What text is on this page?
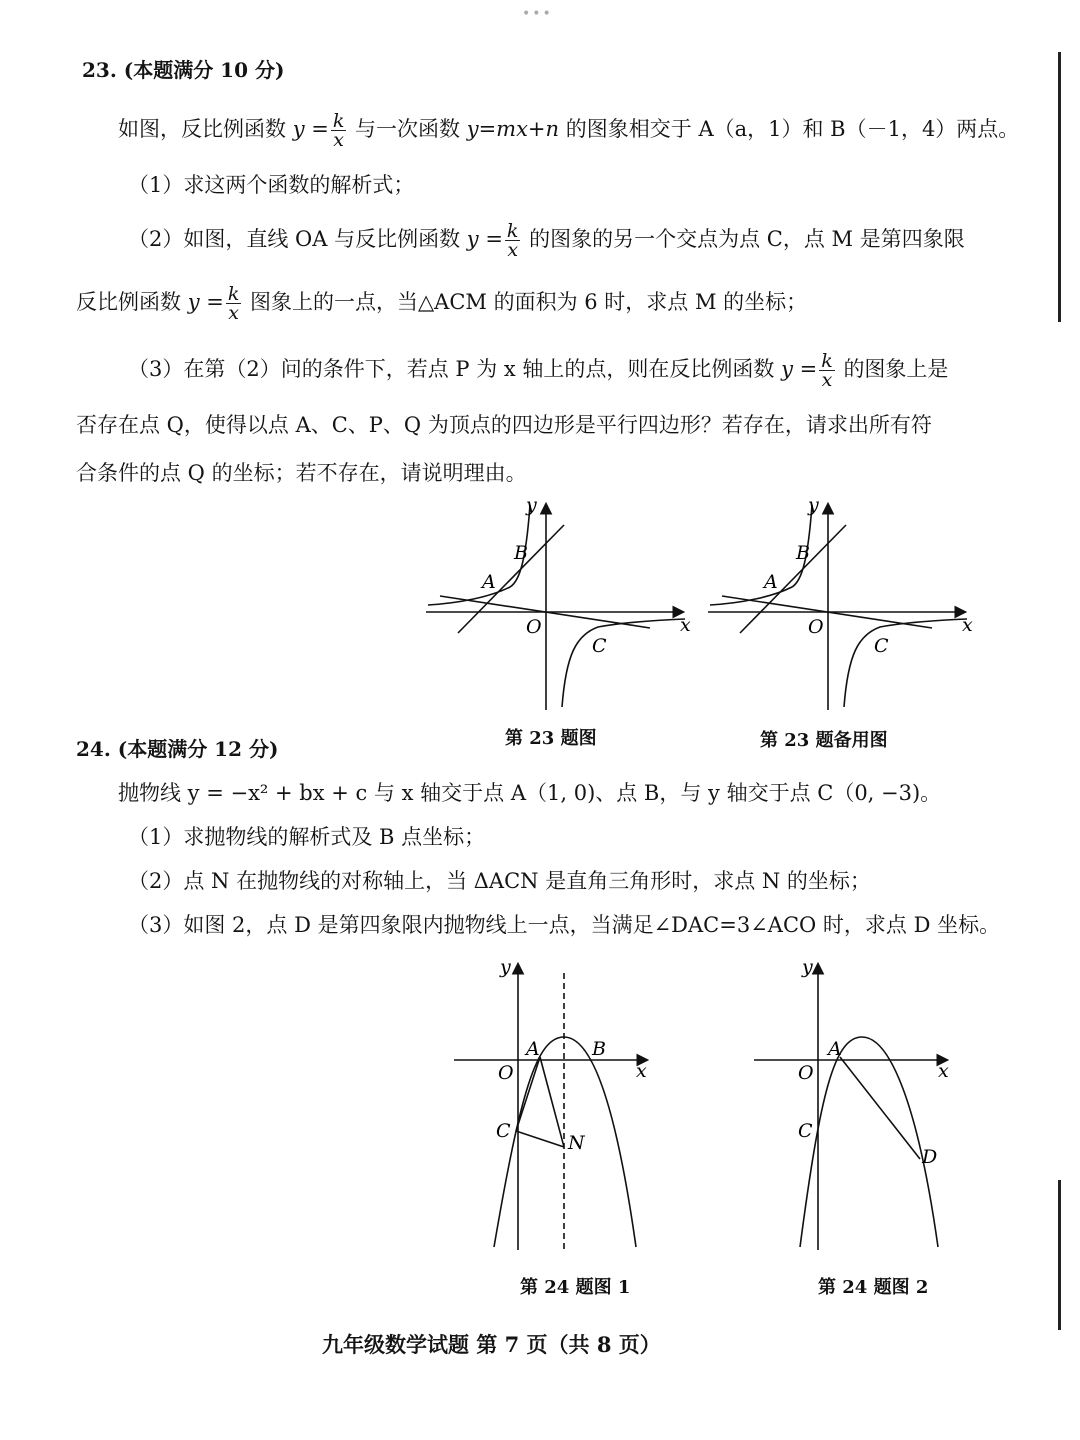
•••
23. (本题满分 10 分)
如图，反比例函数 $y = \frac{k}{x}$ 与一次函数 y=mx+n 的图象相交于 A（a，1）和 B（－1，4）两点。
（1）求这两个函数的解析式；
（2）如图，直线 OA 与反比例函数 $y = \frac{k}{x}$ 的图象的另一个交点为点 C，点 M 是第四象限
反比例函数 $y = \frac{k}{x}$ 图象上的一点，当△ACM 的面积为 6 时，求点 M 的坐标；
（3）在第（2）问的条件下，若点 P 为 x 轴上的点，则在反比例函数 $y = \frac{k}{x}$ 的图象上是
否存在点 Q，使得以点 A、C、P、Q 为顶点的四边形是平行四边形？若存在，请求出所有符
合条件的点 Q 的坐标；若不存在，请说明理由。
y
x
O
A
B
C
第 23 题图
y
x
O
A
B
C
第 23 题备用图
24. (本题满分 12 分)
抛物线 y = −x² + bx + c 与 x 轴交于点 A（1, 0)、点 B，与 y 轴交于点 C（0, −3)。
（1）求抛物线的解析式及 B 点坐标；
（2）点 N 在抛物线的对称轴上，当 ΔACN 是直角三角形时，求点 N 的坐标；
（3）如图 2，点 D 是第四象限内抛物线上一点，当满足∠DAC=3∠ACO 时，求点 D 坐标。
y
x
O
A	B
C
N
第 24 题图 1
y
x
O
A
C
D
第 24 题图 2
九年级数学试题 第 7 页（共 8 页）
